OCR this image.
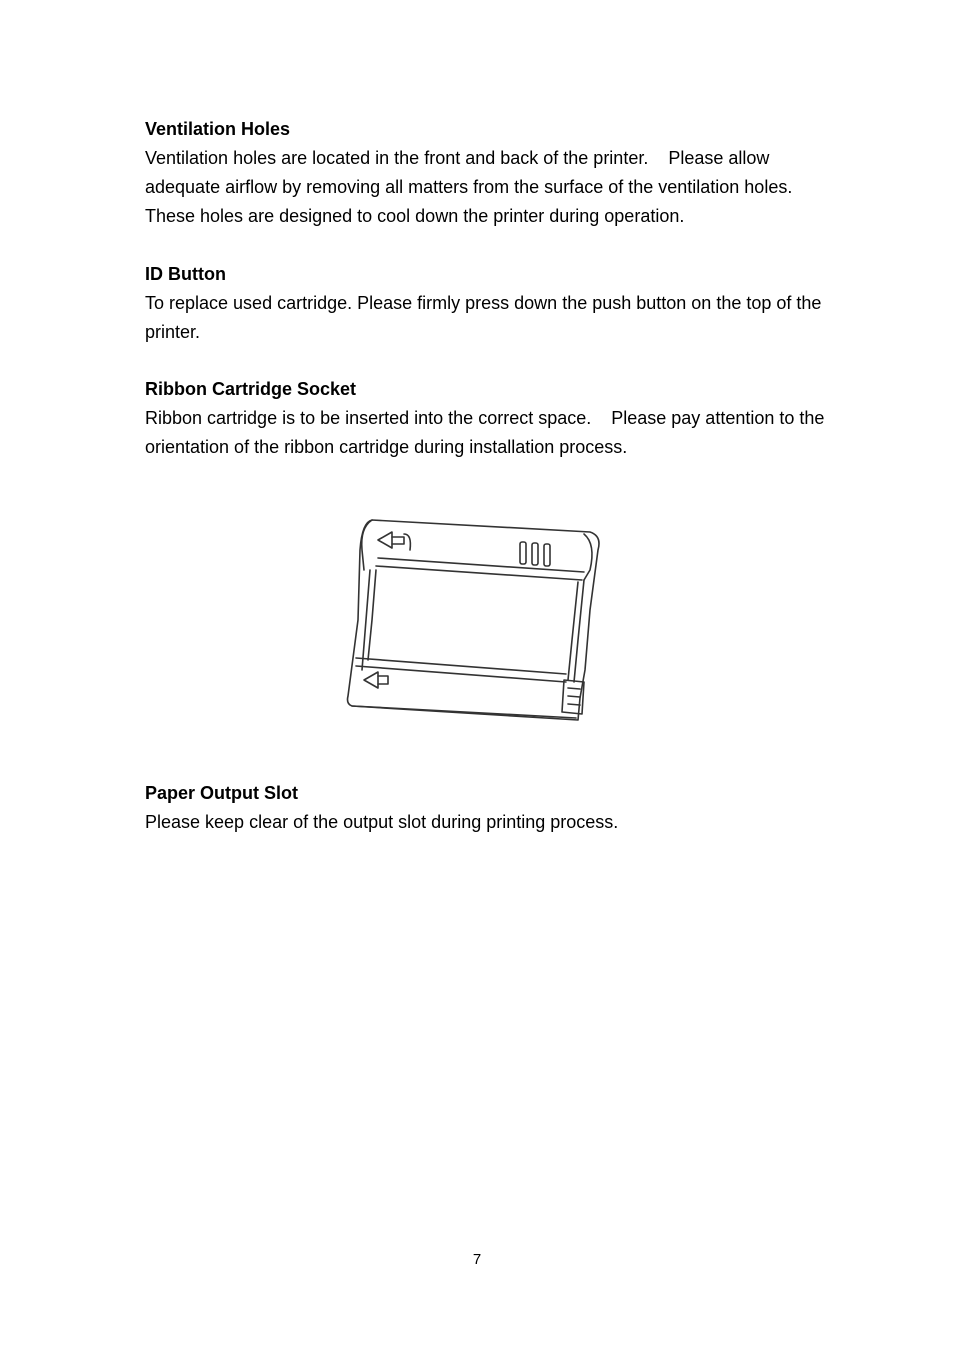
Ventilation Holes

Ventilation holes are located in the front and back of the printer.    Please allow adequate airflow by removing all matters from the surface of the ventilation holes.    These holes are designed to cool down the printer during operation.

ID Button

To replace used cartridge. Please firmly press down the push button on the top of the printer.

Ribbon Cartridge Socket

Ribbon cartridge is to be inserted into the correct space.    Please pay attention to the orientation of the ribbon cartridge during installation process.

Paper Output Slot

Please keep clear of the output slot during printing process.

7
